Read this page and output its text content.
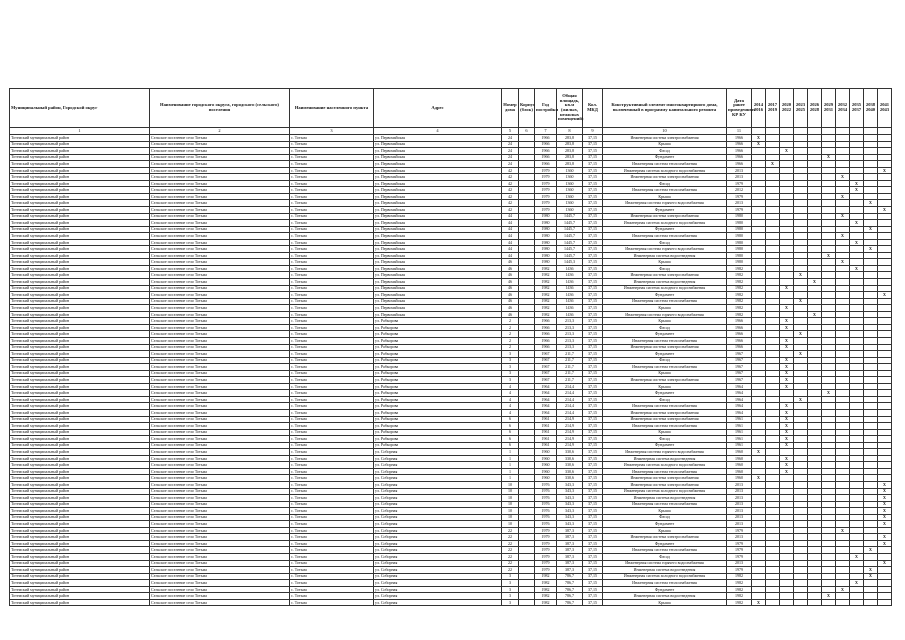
Муниципальный район, Городской округ	Наименование городского округа, городского (сельского) поселения	Наименование населенного пункта	Адрес	Номер дома	Корпус (блок)	Год постройки	Общая площадь, кв.м (жилых, нежилых помещений)	Кол. МКД	Конструктивный элемент многоквартирного дома, включенный в программу капитального ремонта	Дата ранее проведенных КР КУ	2014 2016	2017 2019	2020 2022	2023 2025	2026 2028	2029 2031	2032 2034	2035 2037	2038 2040	2041 2043
1	2	3	4	5	6	7	8	9	10	11										
Тотемский муниципальный район	Сельское поселение село Тотьма	с. Тотьма	ул. Первомайская	24		1966	283,8	37,15	Инженерная система электроснабжения	1966	X									
Тотемский муниципальный район	Сельское поселение село Тотьма	с. Тотьма	ул. Первомайская	24		1966	283,8	37,15	Крыша	1966	X									
Тотемский муниципальный район	Сельское поселение село Тотьма	с. Тотьма	ул. Первомайская	24		1966	283,8	37,15	Фасад	1966			X							
Тотемский муниципальный район	Сельское поселение село Тотьма	с. Тотьма	ул. Первомайская	24		1966	283,8	37,15	Фундамент	1966						X				
Тотемский муниципальный район	Сельское поселение село Тотьма	с. Тотьма	ул. Первомайская	24		1966	283,8	37,15	Инженерная система теплоснабжения	1966		X								
Тотемский муниципальный район	Сельское поселение село Тотьма	с. Тотьма	ул. Первомайская	42		1979	1360	37,15	Инженерная система холодного водоснабжения	2013										X
Тотемский муниципальный район	Сельское поселение село Тотьма	с. Тотьма	ул. Первомайская	42		1979	1360	37,15	Инженерная система электроснабжения	2013							X			
Тотемский муниципальный район	Сельское поселение село Тотьма	с. Тотьма	ул. Первомайская	42		1979	1360	37,15	Фасад	1979								X		
Тотемский муниципальный район	Сельское поселение село Тотьма	с. Тотьма	ул. Первомайская	42		1979	1360	37,15	Инженерная система теплоснабжения	2012								X		
Тотемский муниципальный район	Сельское поселение село Тотьма	с. Тотьма	ул. Первомайская	42		1979	1360	37,15	Крыша	1979							X			
Тотемский муниципальный район	Сельское поселение село Тотьма	с. Тотьма	ул. Первомайская	42		1979	1360	37,15	Инженерная система горячего водоснабжения	2013									X	
Тотемский муниципальный район	Сельское поселение село Тотьма	с. Тотьма	ул. Первомайская	42		1979	1360	37,15	Фундамент	1979										X
Тотемский муниципальный район	Сельское поселение село Тотьма	с. Тотьма	ул. Первомайская	44		1980	1445,7	37,15	Инженерная система электроснабжения	1980							X			
Тотемский муниципальный район	Сельское поселение село Тотьма	с. Тотьма	ул. Первомайская	44		1980	1445,7	37,15	Инженерная система холодного водоснабжения	1980								X		
Тотемский муниципальный район	Сельское поселение село Тотьма	с. Тотьма	ул. Первомайская	44		1980	1445,7	37,15	Фундамент	1980									X	
Тотемский муниципальный район	Сельское поселение село Тотьма	с. Тотьма	ул. Первомайская	44		1980	1445,7	37,15	Инженерная система теплоснабжения	1980							X			
Тотемский муниципальный район	Сельское поселение село Тотьма	с. Тотьма	ул. Первомайская	44		1980	1445,7	37,15	Фасад	1980								X		
Тотемский муниципальный район	Сельское поселение село Тотьма	с. Тотьма	ул. Первомайская	44		1980	1445,7	37,15	Инженерная система горячего водоснабжения	1980									X	
Тотемский муниципальный район	Сельское поселение село Тотьма	с. Тотьма	ул. Первомайская	44		1980	1445,7	37,15	Инженерная система водоотведения	1980						X				
Тотемский муниципальный район	Сельское поселение село Тотьма	с. Тотьма	ул. Первомайская	46		1980	1445,3	37,15	Крыша	1980							X			
Тотемский муниципальный район	Сельское поселение село Тотьма	с. Тотьма	ул. Первомайская	46		1982	1436	37,15	Фасад	1982								X		
Тотемский муниципальный район	Сельское поселение село Тотьма	с. Тотьма	ул. Первомайская	46		1982	1436	37,15	Инженерная система электроснабжения	1982				X						
Тотемский муниципальный район	Сельское поселение село Тотьма	с. Тотьма	ул. Первомайская	46		1982	1436	37,15	Инженерная система водоотведения	1982					X					
Тотемский муниципальный район	Сельское поселение село Тотьма	с. Тотьма	ул. Первомайская	46		1982	1436	37,15	Инженерная система холодного водоснабжения	1982			X							
Тотемский муниципальный район	Сельское поселение село Тотьма	с. Тотьма	ул. Первомайская	46		1982	1436	37,15	Фундамент	1982										X
Тотемский муниципальный район	Сельское поселение село Тотьма	с. Тотьма	ул. Первомайская	46		1982	1436	37,15	Инженерная система теплоснабжения	1982				X						
Тотемский муниципальный район	Сельское поселение село Тотьма	с. Тотьма	ул. Первомайская	46		1982	1436	37,15	Крыша	1982			X							
Тотемский муниципальный район	Сельское поселение село Тотьма	с. Тотьма	ул. Первомайская	46		1982	1436	37,15	Инженерная система горячего водоснабжения	1982					X					
Тотемский муниципальный район	Сельское поселение село Тотьма	с. Тотьма	ул. Рабкорова	2		1966	213,3	37,15	Крыша	1966			X							
Тотемский муниципальный район	Сельское поселение село Тотьма	с. Тотьма	ул. Рабкорова	2		1966	213,3	37,15	Фасад	1966			X							
Тотемский муниципальный район	Сельское поселение село Тотьма	с. Тотьма	ул. Рабкорова	2		1966	213,3	37,15	Фундамент	1966				X						
Тотемский муниципальный район	Сельское поселение село Тотьма	с. Тотьма	ул. Рабкорова	2		1966	213,3	37,15	Инженерная система теплоснабжения	1966			X							
Тотемский муниципальный район	Сельское поселение село Тотьма	с. Тотьма	ул. Рабкорова	2		1966	213,3	37,15	Инженерная система электроснабжения	1966			X							
Тотемский муниципальный район	Сельское поселение село Тотьма	с. Тотьма	ул. Рабкорова	3		1967	211,7	37,15	Фундамент	1967				X						
Тотемский муниципальный район	Сельское поселение село Тотьма	с. Тотьма	ул. Рабкорова	3		1967	211,7	37,15	Фасад	1967			X							
Тотемский муниципальный район	Сельское поселение село Тотьма	с. Тотьма	ул. Рабкорова	3		1967	211,7	37,15	Инженерная система теплоснабжения	1967			X							
Тотемский муниципальный район	Сельское поселение село Тотьма	с. Тотьма	ул. Рабкорова	3		1967	211,7	37,15	Крыша	1967			X							
Тотемский муниципальный район	Сельское поселение село Тотьма	с. Тотьма	ул. Рабкорова	3		1967	211,7	37,15	Инженерная система электроснабжения	1967			X							
Тотемский муниципальный район	Сельское поселение село Тотьма	с. Тотьма	ул. Рабкорова	4		1964	214,4	37,15	Крыша	1964			X							
Тотемский муниципальный район	Сельское поселение село Тотьма	с. Тотьма	ул. Рабкорова	4		1964	214,4	37,15	Фундамент	1964						X				
Тотемский муниципальный район	Сельское поселение село Тотьма	с. Тотьма	ул. Рабкорова	4		1964	214,4	37,15	Фасад	1964				X						
Тотемский муниципальный район	Сельское поселение село Тотьма	с. Тотьма	ул. Рабкорова	4		1964	214,4	37,15	Инженерная система теплоснабжения	1964			X							
Тотемский муниципальный район	Сельское поселение село Тотьма	с. Тотьма	ул. Рабкорова	4		1964	214,4	37,15	Инженерная система электроснабжения	1964			X							
Тотемский муниципальный район	Сельское поселение село Тотьма	с. Тотьма	ул. Рабкорова	6		1961	214,9	37,15	Инженерная система электроснабжения	1961			X							
Тотемский муниципальный район	Сельское поселение село Тотьма	с. Тотьма	ул. Рабкорова	6		1961	214,9	37,15	Инженерная система теплоснабжения	1961			X							
Тотемский муниципальный район	Сельское поселение село Тотьма	с. Тотьма	ул. Рабкорова	6		1961	214,9	37,15	Крыша	1961			X							
Тотемский муниципальный район	Сельское поселение село Тотьма	с. Тотьма	ул. Рабкорова	6		1961	214,9	37,15	Фасад	1961			X							
Тотемский муниципальный район	Сельское поселение село Тотьма	с. Тотьма	ул. Рабкорова	6		1961	214,9	37,15	Фундамент	1961			X							
Тотемский муниципальный район	Сельское поселение село Тотьма	с. Тотьма	ул. Соборная	1		1960	330,6	37,15	Инженерная система горячего водоснабжения	1960	X									
Тотемский муниципальный район	Сельское поселение село Тотьма	с. Тотьма	ул. Соборная	1		1960	330,6	37,15	Инженерная система водоотведения	1960			X							
Тотемский муниципальный район	Сельское поселение село Тотьма	с. Тотьма	ул. Соборная	1		1960	330,6	37,15	Инженерная система холодного водоснабжения	1960			X							
Тотемский муниципальный район	Сельское поселение село Тотьма	с. Тотьма	ул. Соборная	1		1960	330,6	37,15	Инженерная система теплоснабжения	1960			X							
Тотемский муниципальный район	Сельское поселение село Тотьма	с. Тотьма	ул. Соборная	1		1960	330,6	37,15	Инженерная система электроснабжения	1960	X									
Тотемский муниципальный район	Сельское поселение село Тотьма	с. Тотьма	ул. Соборная	10		1976	343,3	37,15	Инженерная система электроснабжения	2013										X
Тотемский муниципальный район	Сельское поселение село Тотьма	с. Тотьма	ул. Соборная	10		1976	343,3	37,15	Инженерная система холодного водоснабжения	2013										X
Тотемский муниципальный район	Сельское поселение село Тотьма	с. Тотьма	ул. Соборная	10		1976	343,3	37,15	Инженерная система водоотведения	2013										X
Тотемский муниципальный район	Сельское поселение село Тотьма	с. Тотьма	ул. Соборная	10		1976	343,3	37,15	Инженерная система теплоснабжения	2013										X
Тотемский муниципальный район	Сельское поселение село Тотьма	с. Тотьма	ул. Соборная	10		1976	343,3	37,15	Крыша	2013										X
Тотемский муниципальный район	Сельское поселение село Тотьма	с. Тотьма	ул. Соборная	10		1976	343,3	37,15	Фасад	2013										X
Тотемский муниципальный район	Сельское поселение село Тотьма	с. Тотьма	ул. Соборная	10		1976	343,3	37,15	Фундамент	2013										X
Тотемский муниципальный район	Сельское поселение село Тотьма	с. Тотьма	ул. Соборная	22		1979	387,3	37,15	Крыша	1979							X			
Тотемский муниципальный район	Сельское поселение село Тотьма	с. Тотьма	ул. Соборная	22		1979	387,3	37,15	Инженерная система электроснабжения	2013										X
Тотемский муниципальный район	Сельское поселение село Тотьма	с. Тотьма	ул. Соборная	22		1979	387,3	37,15	Фундамент	1979										X
Тотемский муниципальный район	Сельское поселение село Тотьма	с. Тотьма	ул. Соборная	22		1979	387,3	37,15	Инженерная система теплоснабжения	1979									X	
Тотемский муниципальный район	Сельское поселение село Тотьма	с. Тотьма	ул. Соборная	22		1979	387,3	37,15	Фасад	1979								X		
Тотемский муниципальный район	Сельское поселение село Тотьма	с. Тотьма	ул. Соборная	22		1979	387,3	37,15	Инженерная система горячего водоснабжения	2013										X
Тотемский муниципальный район	Сельское поселение село Тотьма	с. Тотьма	ул. Соборная	22		1979	387,3	37,15	Инженерная система водоотведения	1979									X	
Тотемский муниципальный район	Сельское поселение село Тотьма	с. Тотьма	ул. Соборная	3		1982	786,7	37,15	Инженерная система холодного водоснабжения	1982									X	
Тотемский муниципальный район	Сельское поселение село Тотьма	с. Тотьма	ул. Соборная	3		1982	786,7	37,15	Инженерная система теплоснабжения	1982								X		
Тотемский муниципальный район	Сельское поселение село Тотьма	с. Тотьма	ул. Соборная	3		1982	786,7	37,15	Фундамент	1982							X			
Тотемский муниципальный район	Сельское поселение село Тотьма	с. Тотьма	ул. Соборная	3		1982	786,7	37,15	Инженерная система водоотведения	1982						X				
Тотемский муниципальный район	Сельское поселение село Тотьма	с. Тотьма	ул. Соборная	3		1982	786,7	37,15	Крыша	1982	X									
